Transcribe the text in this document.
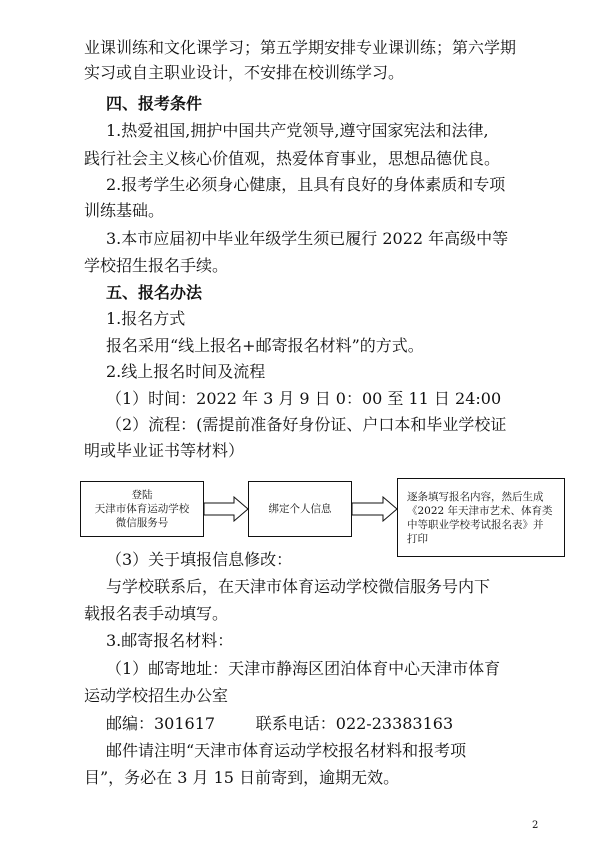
业课训练和文化课学习；第五学期安排专业课训练；第六学期
实习或自主职业设计，不安排在校训练学习。
四、报考条件
1.热爱祖国,拥护中国共产党领导,遵守国家宪法和法律,
践行社会主义核心价值观，热爱体育事业，思想品德优良。
2.报考学生必须身心健康，且具有良好的身体素质和专项
训练基础。
3.本市应届初中毕业年级学生须已履行 2022 年高级中等
学校招生报名手续。
五、报名办法
1.报名方式
报名采用“线上报名+邮寄报名材料”的方式。
2.线上报名时间及流程
（1）时间：2022 年 3 月 9 日 0：00 至 11 日 24:00
（2）流程：(需提前准备好身份证、户口本和毕业学校证
明或毕业证书等材料）
登陆
天津市体育运动学校
微信服务号
绑定个人信息
逐条填写报名内容，然后生成
《2022 年天津市艺术、体育类
中等职业学校考试报名表》并
打印
（3）关于填报信息修改：
与学校联系后，在天津市体育运动学校微信服务号内下
载报名表手动填写。
3.邮寄报名材料：
（1）邮寄地址：天津市静海区团泊体育中心天津市体育
运动学校招生办公室
邮编：301617        联系电话：022-23383163
邮件请注明“天津市体育运动学校报名材料和报考项
目”，务必在 3 月 15 日前寄到，逾期无效。
2
